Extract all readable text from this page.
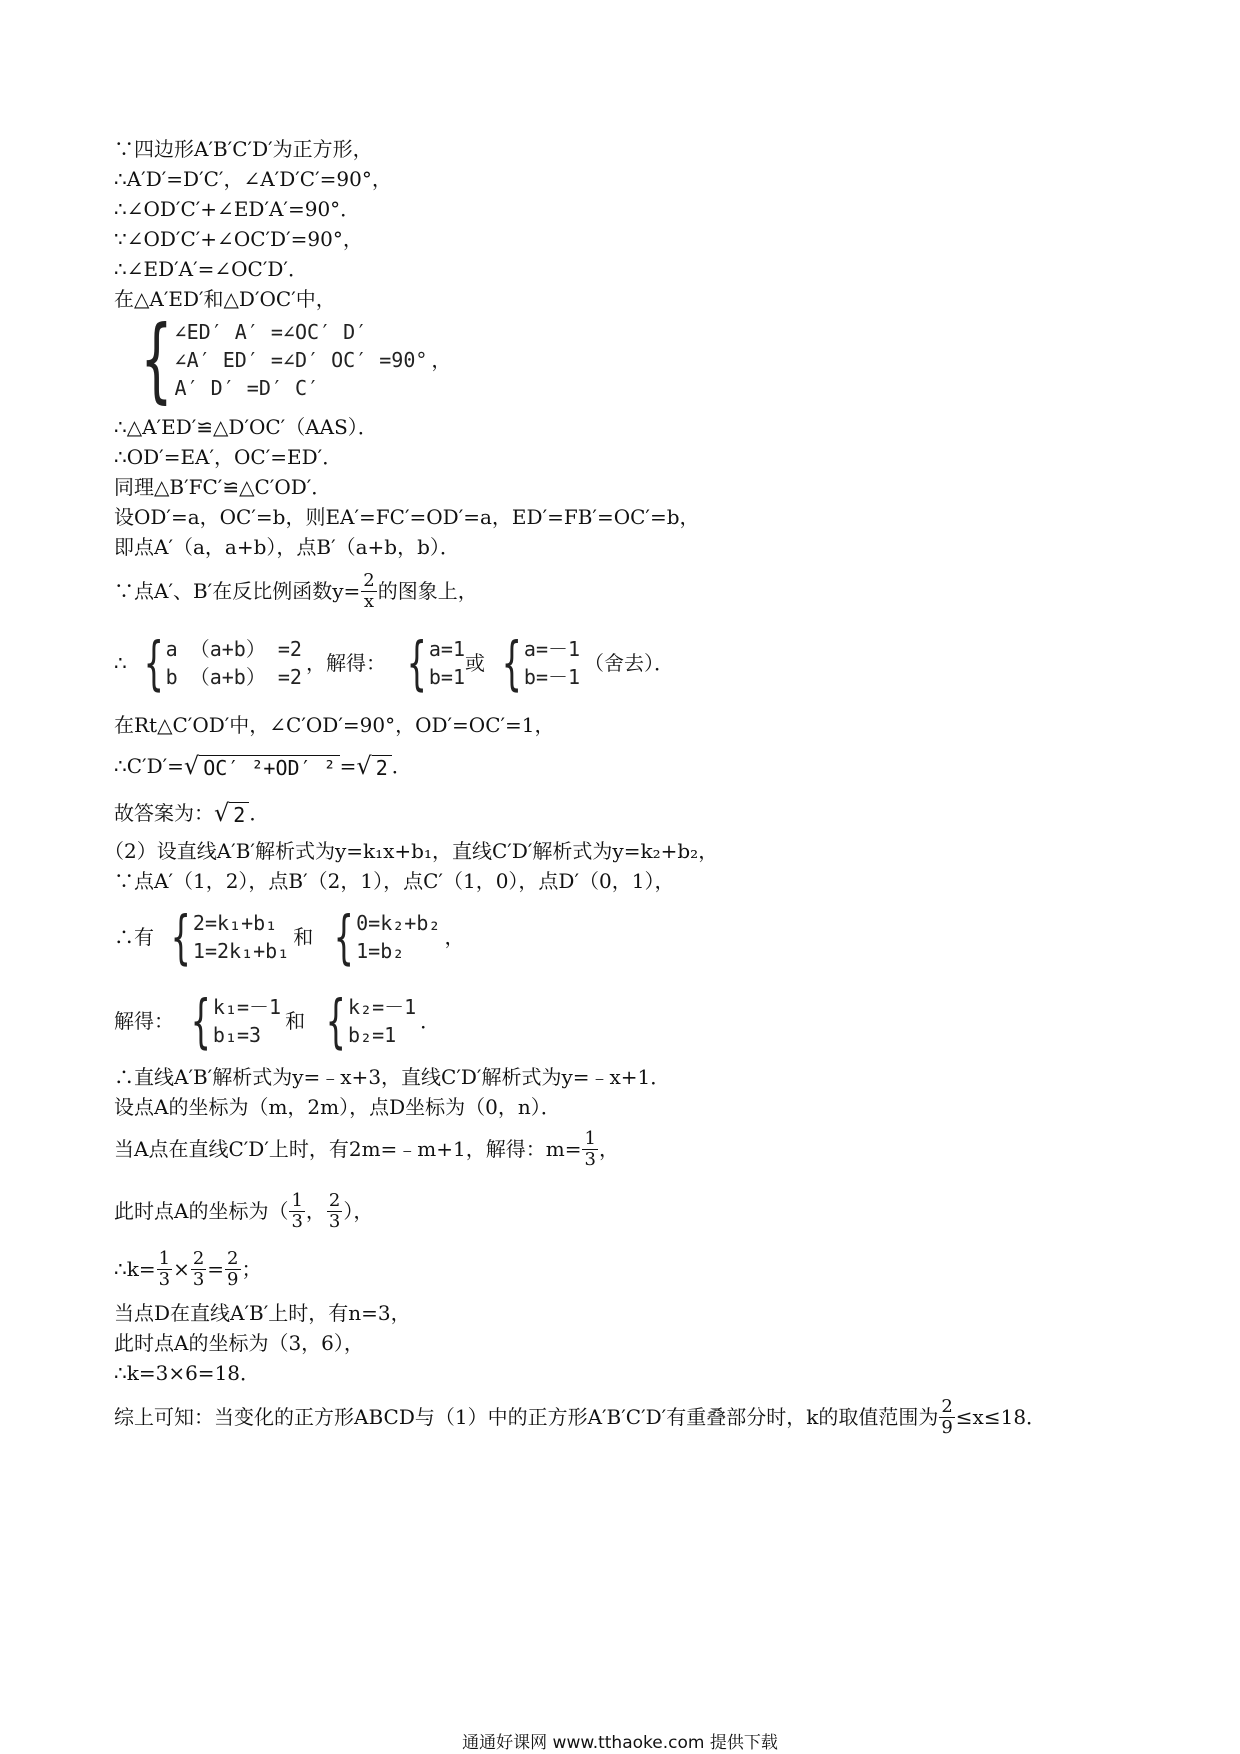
∵四边形A′B′C′D′为正方形，
∴A′D′=D′C′，∠A′D′C′=90°，
∴∠OD′C′+∠ED′A′=90°．
∵∠OD′C′+∠OC′D′=90°，
∴∠ED′A′=∠OC′D′．
在△A′ED′和△D′OC′中，
{ ∠ED′ A′ =∠OC′ D′
∠A′ ED′ =∠D′ OC′ =90°
A′ D′ =D′ C′
，
∴△A′ED′≌△D′OC′（AAS）．
∴OD′=EA′，OC′=ED′．
同理△B′FC′≌△C′OD′．
设OD′=a，OC′=b，则EA′=FC′=OD′=a，ED′=FB′=OC′=b，
即点A′（a，a+b），点B′（a+b，b）．
∵点A′、B′在反比例函数$y= \frac{2}{x}$ 的图象上，
∴ { a （a+b） =2
b （a+b） =2
，解得： { a=1
b=1
或 { a=－1
b=－1
（舍去）．
在Rt△C′OD′中，∠C′OD′=90°，OD′=OC′=1，
∴C′D′= √ OC′ ²+OD′ ² = √ 2 ．
故答案为： √ 2 ．
（2）设直线A′B′解析式为y=k₁x+b₁，直线C′D′解析式为y=k₂+b₂，
∵点A′（1，2），点B′（2，1），点C′（1，0），点D′（0，1），
∴有 { 2=k₁+b₁
1=2k₁+b₁
和 { 0=k₂+b₂
1=b₂
，
解得： { k₁=－1
b₁=3
和 { k₂=－1
b₂=1
．
∴直线A′B′解析式为y=﹣x+3，直线C′D′解析式为y=﹣x+1．
设点A的坐标为（m，2m），点D坐标为（0，n）．
当A点在直线C′D′上时，有2m=﹣m+1，解得：$m= \frac{1}{3}$ ，
此时点A的坐标为（ $\frac{1}{3}$ ， $\frac{2}{3}$ ），
∴k= $\frac{1}{3} \times \frac{2}{3} = \frac{2}{9}$ ；
当点D在直线A′B′上时，有n=3，
此时点A的坐标为（3，6），
∴k=3×6=18．
综上可知：当变化的正方形ABCD与（1）中的正方形A′B′C′D′有重叠部分时，k的取值范围为 $\frac{2}{9} \le x\le 18$．
通通好课网 www.tthaoke.com 提供下载
